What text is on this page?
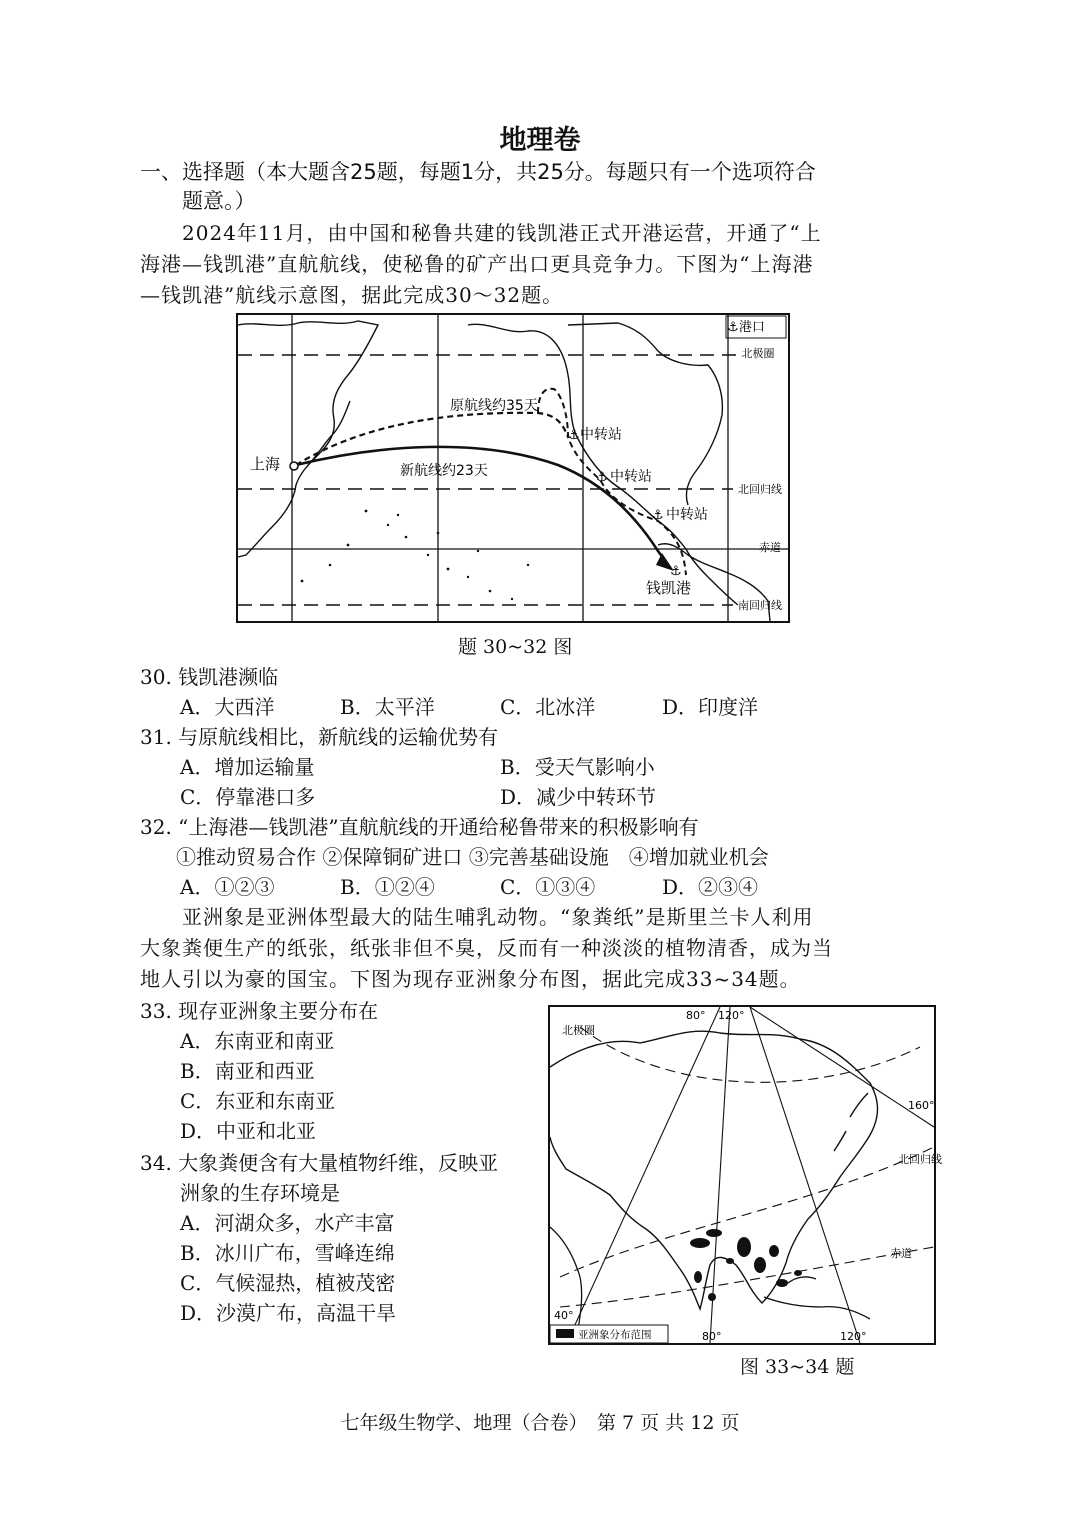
地理卷
一、选择题（本大题含25题，每题1分，共25分。每题只有一个选项符合
题意。）
2024年11月，由中国和秘鲁共建的钱凯港正式开港运营，开通了“上
海港—钱凯港”直航航线，使秘鲁的矿产出口更具竞争力。下图为“上海港
—钱凯港”航线示意图，据此完成30～32题。
⚓港口
北极圈
北回归线
赤道
南回归线
上海
原航线约35天
新航线约23天
⚓ 中转站
⚓ 中转站
⚓ 中转站
⚓
钱凯港
题 30~32 图
30. 钱凯港濒临
A．大西洋	B．太平洋	C．北冰洋	D．印度洋
31. 与原航线相比，新航线的运输优势有
A．增加运输量	B．受天气影响小
C．停靠港口多	D．减少中转环节
32. “上海港—钱凯港”直航航线的开通给秘鲁带来的积极影响有
①推动贸易合作 ②保障铜矿进口 ③完善基础设施　④增加就业机会
A．①②③	B．①②④	C．①③④	D．②③④
亚洲象是亚洲体型最大的陆生哺乳动物。“象粪纸”是斯里兰卡人利用
大象粪便生产的纸张，纸张非但不臭，反而有一种淡淡的植物清香，成为当
地人引以为豪的国宝。下图为现存亚洲象分布图，据此完成33~34题。
33. 现存亚洲象主要分布在
A．东南亚和南亚
B．南亚和西亚
C．东亚和东南亚
D．中亚和北亚
34. 大象粪便含有大量植物纤维，反映亚
洲象的生存环境是
A．河湖众多，水产丰富
B．冰川广布，雪峰连绵
C．气候湿热，植被茂密
D．沙漠广布，高温干旱
亚洲象分布范围
北极圈
北回归线
赤道
80° 120°
160°
40°
80°	120°
图 33~34 题
七年级生物学、地理（合卷）　第 7 页 共 12 页
